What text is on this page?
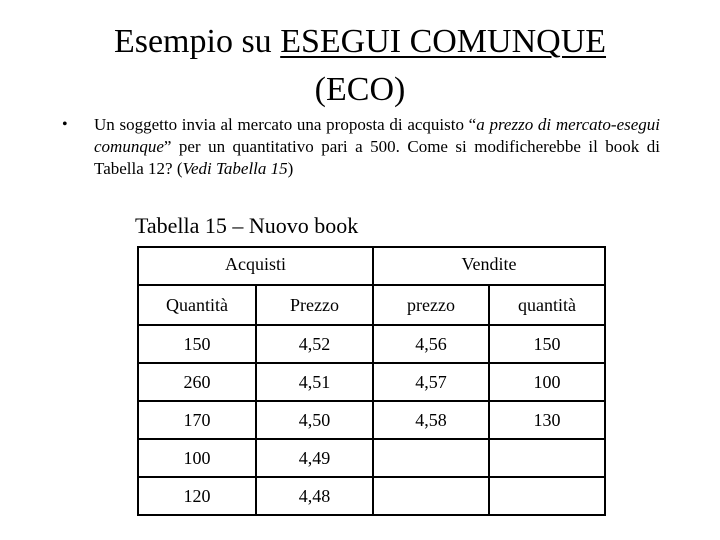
Esempio su ESEGUI COMUNQUE
(ECO)
• Un soggetto invia al mercato una proposta di acquisto “a prezzo di mercato-esegui comunque” per un quantitativo pari a 500. Come si modificherebbe il book di Tabella 12? (Vedi Tabella 15)

Tabella 15 – Nuovo book
Acquisti		Vendite	
Quantità	Prezzo	prezzo	quantità
150	4,52	4,56	150
260	4,51	4,57	100
170	4,50	4,58	130
100	4,49		
120	4,48		
